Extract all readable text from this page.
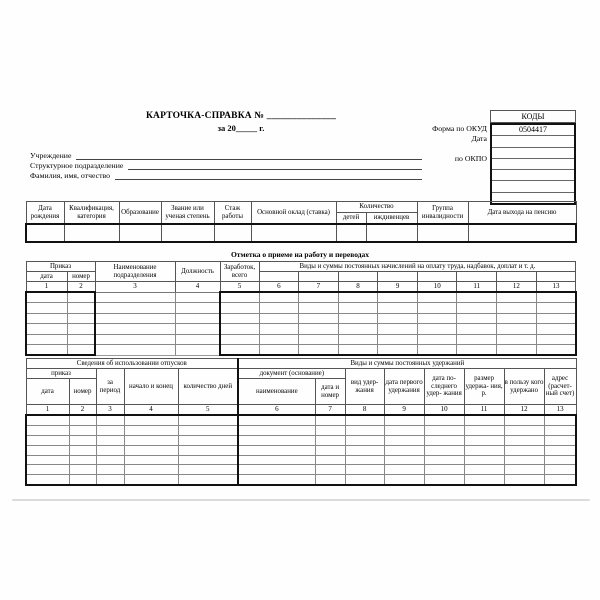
КАРТОЧКА-СПРАВКА № ______________
за 20_____ г.	Форма по ОКУД
Дата
по ОКПО
КОДЫ
0504417
Учреждение
Структурное подразделение
Фамилия, имя, отчество
Дата рождения	Квалификация, категория	Образование	Звание или ученая степень	Стаж работы	Основной оклад (ставка)	Количество		Группа инвалидности	Дата выхода на пенсию
						детей	иждивенцев		

Отметка о приеме на работу и переводах
Приказ		Наименование подразделения	Должность	Заработок, всего	Виды и суммы постоянных начислений на оплату труда, надбавок, доплат и т. д.							
дата	номер											
1	2	3	4	5	6	7	8	9	10	11	12	13

Сведения об использовании отпусков					Виды и суммы постоянных удержаний							
приказ		за период	начало и конец	количество дней	документ (основание)		вид удер- жания	дата первого удержания	дата по- следнего удер- жания	размер удержа- ния, р.	в пользу кого удержано	адрес (расчет- ный счет)
дата	номер				наименование	дата и номер						
1	2	3	4	5	6	7	8	9	10	11	12	13
